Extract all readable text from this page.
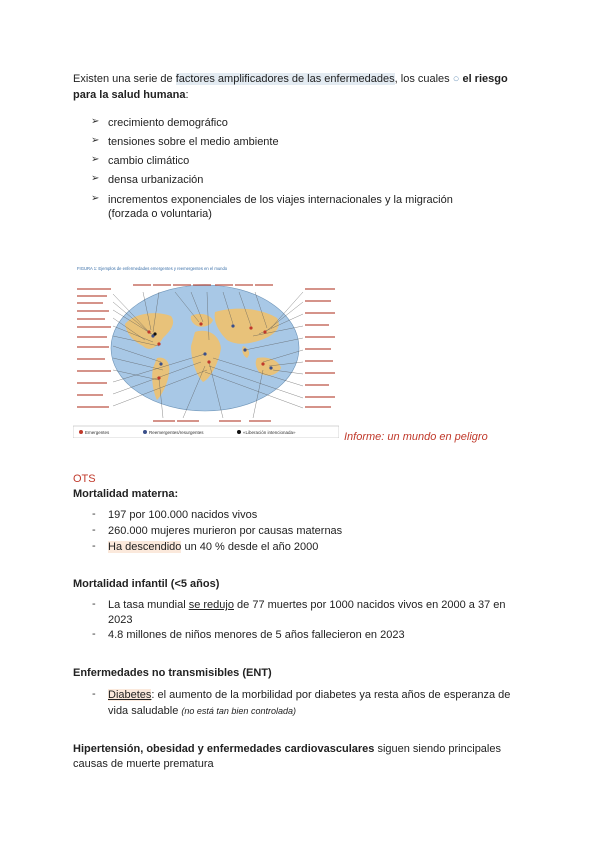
Existen una serie de factores amplificadores de las enfermedades, los cuales ○ el riesgo
para la salud humana:
➢ crecimiento demográfico
➢ tensiones sobre el medio ambiente
➢ cambio climático
➢ densa urbanización
➢ incrementos exponenciales de los viajes internacionales y la migración
(forzada o voluntaria)
FIGURA 1: Ejemplos de enfermedades emergentes y reemergentes en el mundo
Emergentes	Reemergentes/resurgentes	«Liberación intencionada»	Informe: un mundo en peligro
OTS
Mortalidad materna:
- 197 por 100.000 nacidos vivos
- 260.000 mujeres murieron por causas maternas
- Ha descendido un 40 % desde el año 2000
Mortalidad infantil (<5 años)
- La tasa mundial se redujo de 77 muertes por 1000 nacidos vivos en 2000 a 37 en
2023
- 4.8 millones de niños menores de 5 años fallecieron en 2023
Enfermedades no transmisibles (ENT)
- Diabetes: el aumento de la morbilidad por diabetes ya resta años de esperanza de
vida saludable (no está tan bien controlada)
Hipertensión, obesidad y enfermedades cardiovasculares siguen siendo principales
causas de muerte prematura
